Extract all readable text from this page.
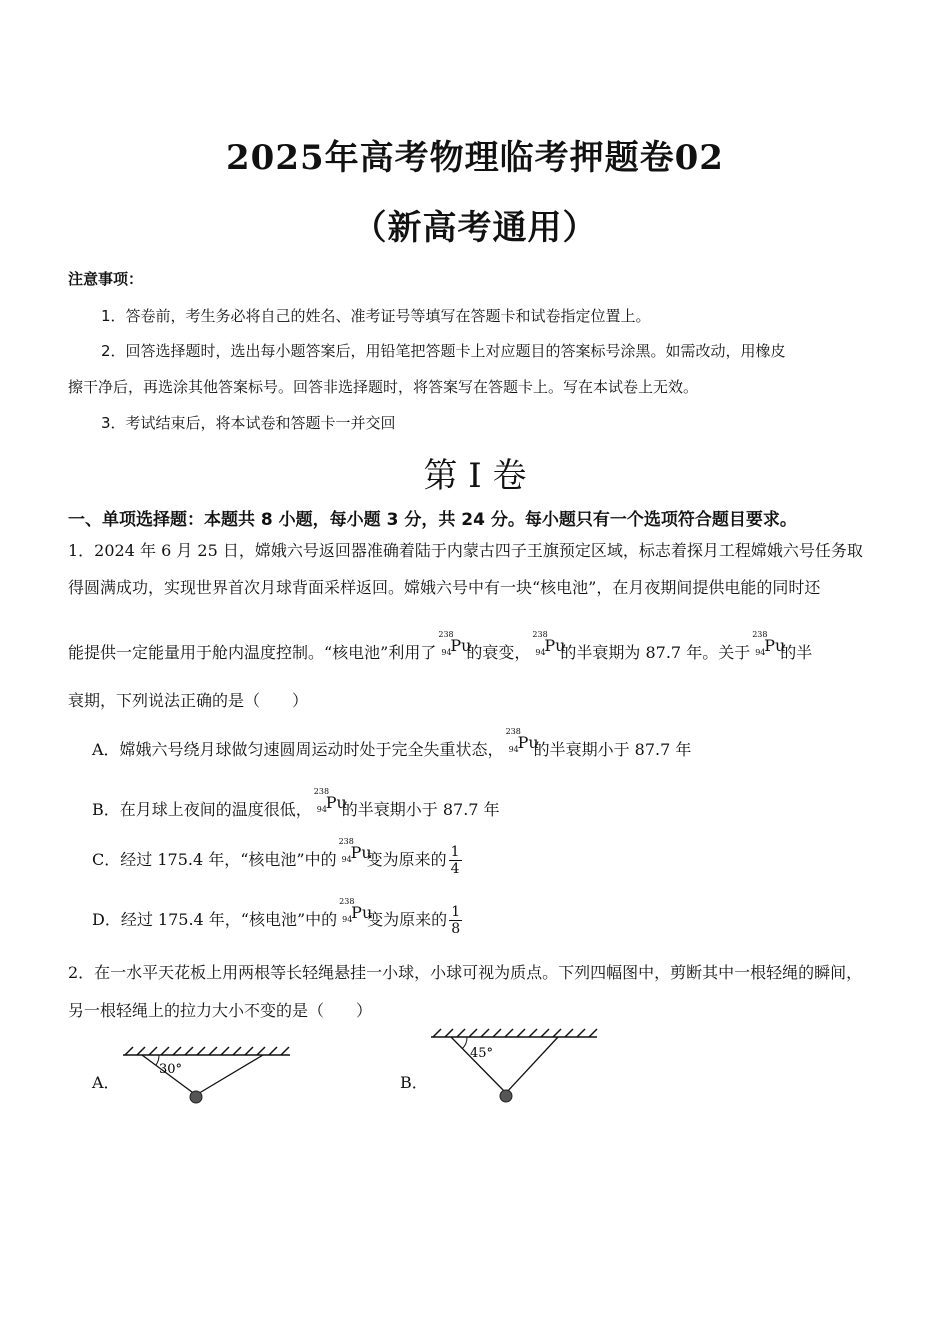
2025年高考物理临考押题卷02
（新高考通用）
注意事项：
1．答卷前，考生务必将自己的姓名、准考证号等填写在答题卡和试卷指定位置上。
2．回答选择题时，选出每小题答案后，用铅笔把答题卡上对应题目的答案标号涂黑。如需改动，用橡皮
擦干净后，再选涂其他答案标号。回答非选择题时，将答案写在答题卡上。写在本试卷上无效。
3．考试结束后，将本试卷和答题卡一并交回
第 I 卷
一、单项选择题：本题共 8 小题，每小题 3 分，共 24 分。每小题只有一个选项符合题目要求。
1．2024 年 6 月 25 日，嫦娥六号返回器准确着陆于内蒙古四子王旗预定区域，标志着探月工程嫦娥六号任务取
得圆满成功，实现世界首次月球背面采样返回。嫦娥六号中有一块“核电池”，在月夜期间提供电能的同时还
能提供一定能量用于舱内温度控制。“核电池”利用了
238
94
Pu
的衰变，
238
94
Pu
的半衰期为 87.7 年。关于
238
94
Pu
的半
衰期，下列说法正确的是（　　）
A．嫦娥六号绕月球做匀速圆周运动时处于完全失重状态，
238
94
Pu
的半衰期小于 87.7 年
B．在月球上夜间的温度很低，
238
94
Pu
的半衰期小于 87.7 年
C．经过 175.4 年，“核电池”中的
238
94
Pu
变为原来的 $\frac{1}{4}$
D．经过 175.4 年，“核电池”中的
238
94
Pu
变为原来的 $\frac{1}{8}$
2．在一水平天花板上用两根等长轻绳悬挂一小球，小球可视为质点。下列四幅图中，剪断其中一根轻绳的瞬间，
另一根轻绳上的拉力大小不变的是（　　）
A．
30°
B．
45°
